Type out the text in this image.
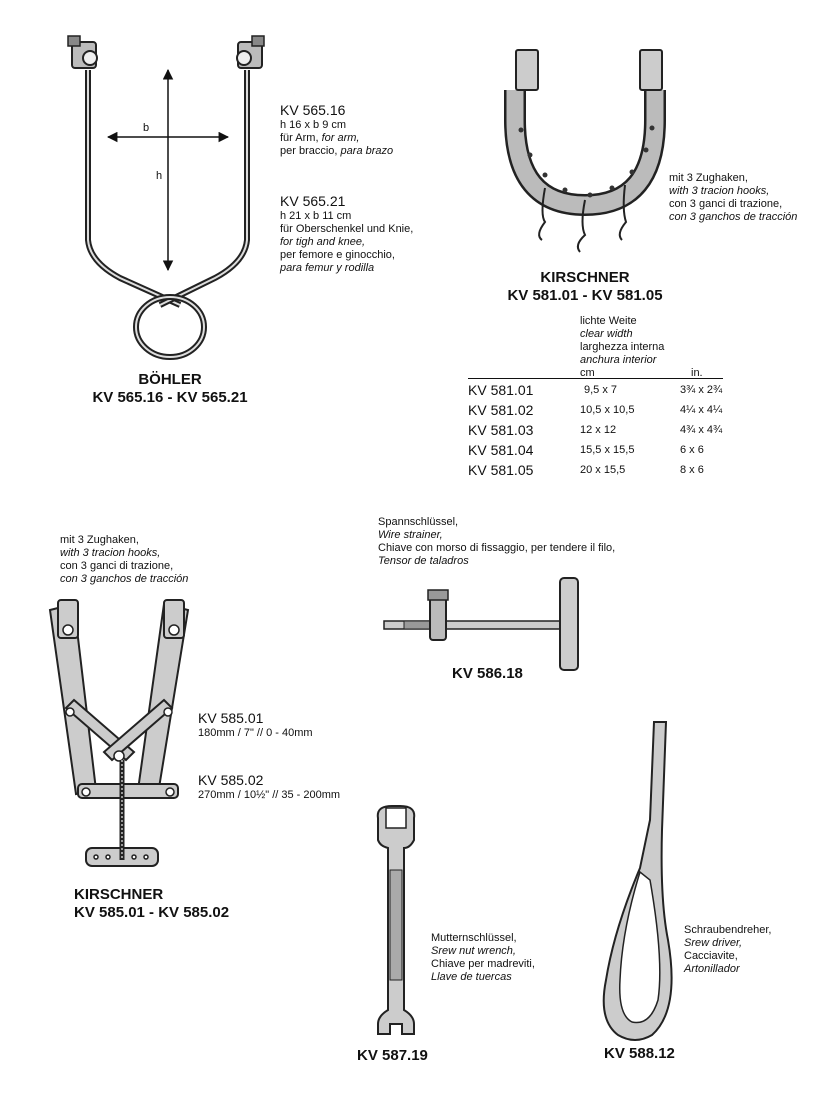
b
h
KV 565.16
h 16 x b 9 cm
für Arm, for arm,
per braccio, para brazo
KV 565.21
h 21 x b 11 cm
für Oberschenkel und Knie,
for tigh and knee,
per femore e ginocchio,
para femur y rodilla
BÖHLER
KV 565.16 - KV 565.21
mit 3 Zughaken,
with 3 tracion hooks,
con 3 ganci di trazione,
con 3 ganchos de tracción
KIRSCHNER
KV 581.01 - KV 581.05
lichte Weite
clear width
larghezza interna
anchura interior
cm	in.
KV 581.01	9,5 x 7	3¾ x 2¾
KV 581.02	10,5 x 10,5	4¼ x 4¼
KV 581.03	12 x 12	4¾ x 4¾
KV 581.04	15,5 x 15,5	6 x 6
KV 581.05	20 x 15,5	8 x 6
mit 3 Zughaken,
with 3 tracion hooks,
con 3 ganci di trazione,
con 3 ganchos de tracción
KV 585.01
180mm / 7" // 0 - 40mm
KV 585.02
270mm / 10½" // 35 - 200mm
KIRSCHNER
KV 585.01 - KV 585.02
Spannschlüssel,
Wire strainer,
Chiave con morso di fissaggio, per tendere il filo,
Tensor de taladros
KV 586.18
Mutternschlüssel,
Srew nut wrench,
Chiave per madreviti,
Llave de tuercas
KV 587.19
Schraubendreher,
Srew driver,
Cacciavite,
Artonillador
KV 588.12
